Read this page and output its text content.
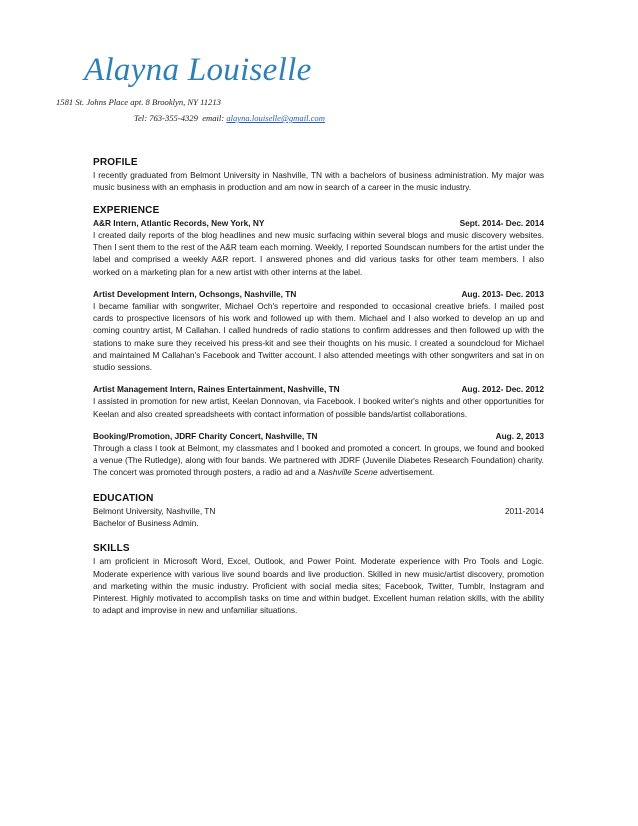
Alayna Louiselle
1581 St. Johns Place apt. 8 Brooklyn, NY 11213
Tel: 763-355-4329 email: alayna.louiselle@gmail.com
PROFILE

I recently graduated from Belmont University in Nashville, TN with a bachelors of business administration. My major was music business with an emphasis in production and am now in search of a career in the music industry.

EXPERIENCE
A&R Intern, Atlantic Records, New York, NY	Sept. 2014- Dec. 2014

I created daily reports of the blog headlines and new music surfacing within several blogs and music discovery websites. Then I sent them to the rest of the A&R team each morning. Weekly, I reported Soundscan numbers for the artist under the label and comprised a weekly A&R report. I answered phones and did various tasks for other team members. I also worked on a marketing plan for a new artist with other interns at the label.

Artist Development Intern, Ochsongs, Nashville, TN	Aug. 2013- Dec. 2013

I became familiar with songwriter, Michael Och's repertoire and responded to occasional creative briefs. I mailed post cards to prospective licensors of his work and followed up with them. Michael and I also worked to develop an up and coming country artist, M Callahan. I called hundreds of radio stations to confirm addresses and then followed up with the stations to make sure they received his press-kit and see their thoughts on his music. I created a soundcloud for Michael and maintained M Callahan's Facebook and Twitter account. I also attended meetings with other songwriters and sat in on studio sessions.

Artist Management Intern, Raines Entertainment, Nashville, TN	Aug. 2012- Dec. 2012

I assisted in promotion for new artist, Keelan Donnovan, via Facebook. I booked writer's nights and other opportunities for Keelan and also created spreadsheets with contact information of possible bands/artist collaborations.

Booking/Promotion, JDRF Charity Concert, Nashville, TN	Aug. 2, 2013

Through a class I took at Belmont, my classmates and I booked and promoted a concert. In groups, we found and booked a venue (The Rutledge), along with four bands. We partnered with JDRF (Juvenile Diabetes Research Foundation) charity. The concert was promoted through posters, a radio ad and a Nashville Scene advertisement.

EDUCATION
Belmont University, Nashville, TN	2011-2014
Bachelor of Business Admin.
SKILLS

I am proficient in Microsoft Word, Excel, Outlook, and Power Point. Moderate experience with Pro Tools and Logic. Moderate experience with various live sound boards and live production. Skilled in new music/artist discovery, promotion and marketing within the music industry. Proficient with social media sites; Facebook, Twitter, Tumblr, Instagram and Pinterest. Highly motivated to accomplish tasks on time and within budget. Excellent human relation skills, with the ability to adapt and improvise in new and unfamiliar situations.
